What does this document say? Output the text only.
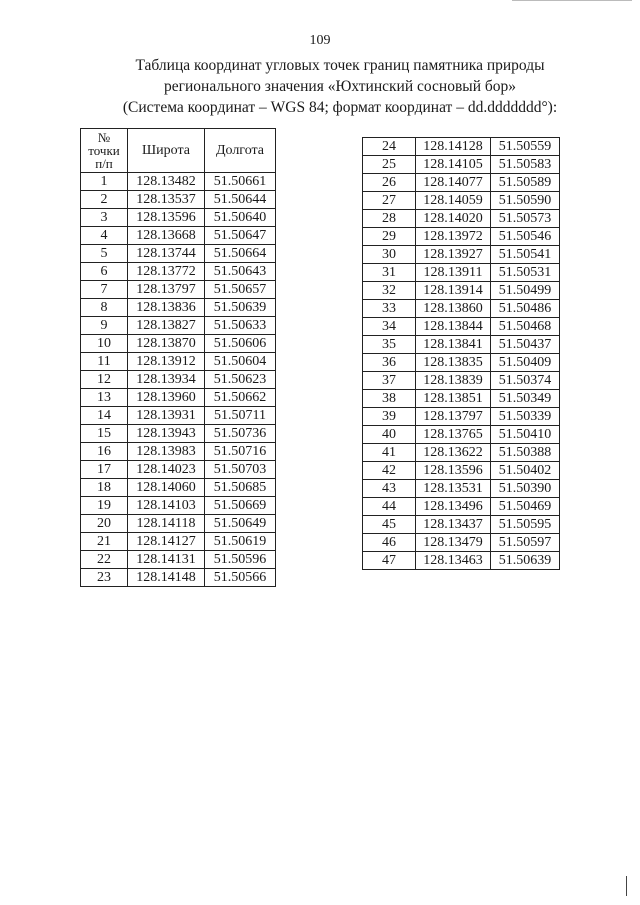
109
Таблица координат угловых точек границ памятника природы
регионального значения «Юхтинский сосновый бор»
(Система координат – WGS 84; формат координат – dd.ddddddd°):
№
точки
п/п	Широта	Долгота
1	128.13482	51.50661
2	128.13537	51.50644
3	128.13596	51.50640
4	128.13668	51.50647
5	128.13744	51.50664
6	128.13772	51.50643
7	128.13797	51.50657
8	128.13836	51.50639
9	128.13827	51.50633
10	128.13870	51.50606
11	128.13912	51.50604
12	128.13934	51.50623
13	128.13960	51.50662
14	128.13931	51.50711
15	128.13943	51.50736
16	128.13983	51.50716
17	128.14023	51.50703
18	128.14060	51.50685
19	128.14103	51.50669
20	128.14118	51.50649
21	128.14127	51.50619
22	128.14131	51.50596
23	128.14148	51.50566
24	128.14128	51.50559
25	128.14105	51.50583
26	128.14077	51.50589
27	128.14059	51.50590
28	128.14020	51.50573
29	128.13972	51.50546
30	128.13927	51.50541
31	128.13911	51.50531
32	128.13914	51.50499
33	128.13860	51.50486
34	128.13844	51.50468
35	128.13841	51.50437
36	128.13835	51.50409
37	128.13839	51.50374
38	128.13851	51.50349
39	128.13797	51.50339
40	128.13765	51.50410
41	128.13622	51.50388
42	128.13596	51.50402
43	128.13531	51.50390
44	128.13496	51.50469
45	128.13437	51.50595
46	128.13479	51.50597
47	128.13463	51.50639
